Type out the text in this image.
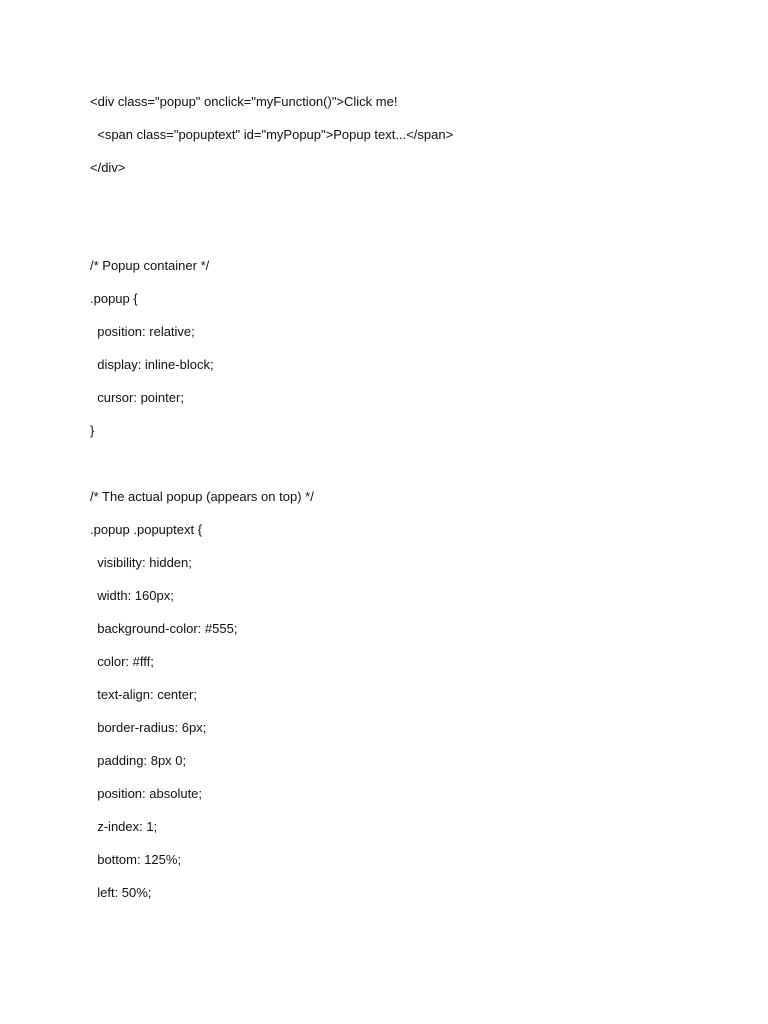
<div class="popup" onclick="myFunction()">Click me!
<span class="popuptext" id="myPopup">Popup text...</span>
</div>
/* Popup container */
.popup {
position: relative;
display: inline-block;
cursor: pointer;
}
/* The actual popup (appears on top) */
.popup .popuptext {
visibility: hidden;
width: 160px;
background-color: #555;
color: #fff;
text-align: center;
border-radius: 6px;
padding: 8px 0;
position: absolute;
z-index: 1;
bottom: 125%;
left: 50%;
